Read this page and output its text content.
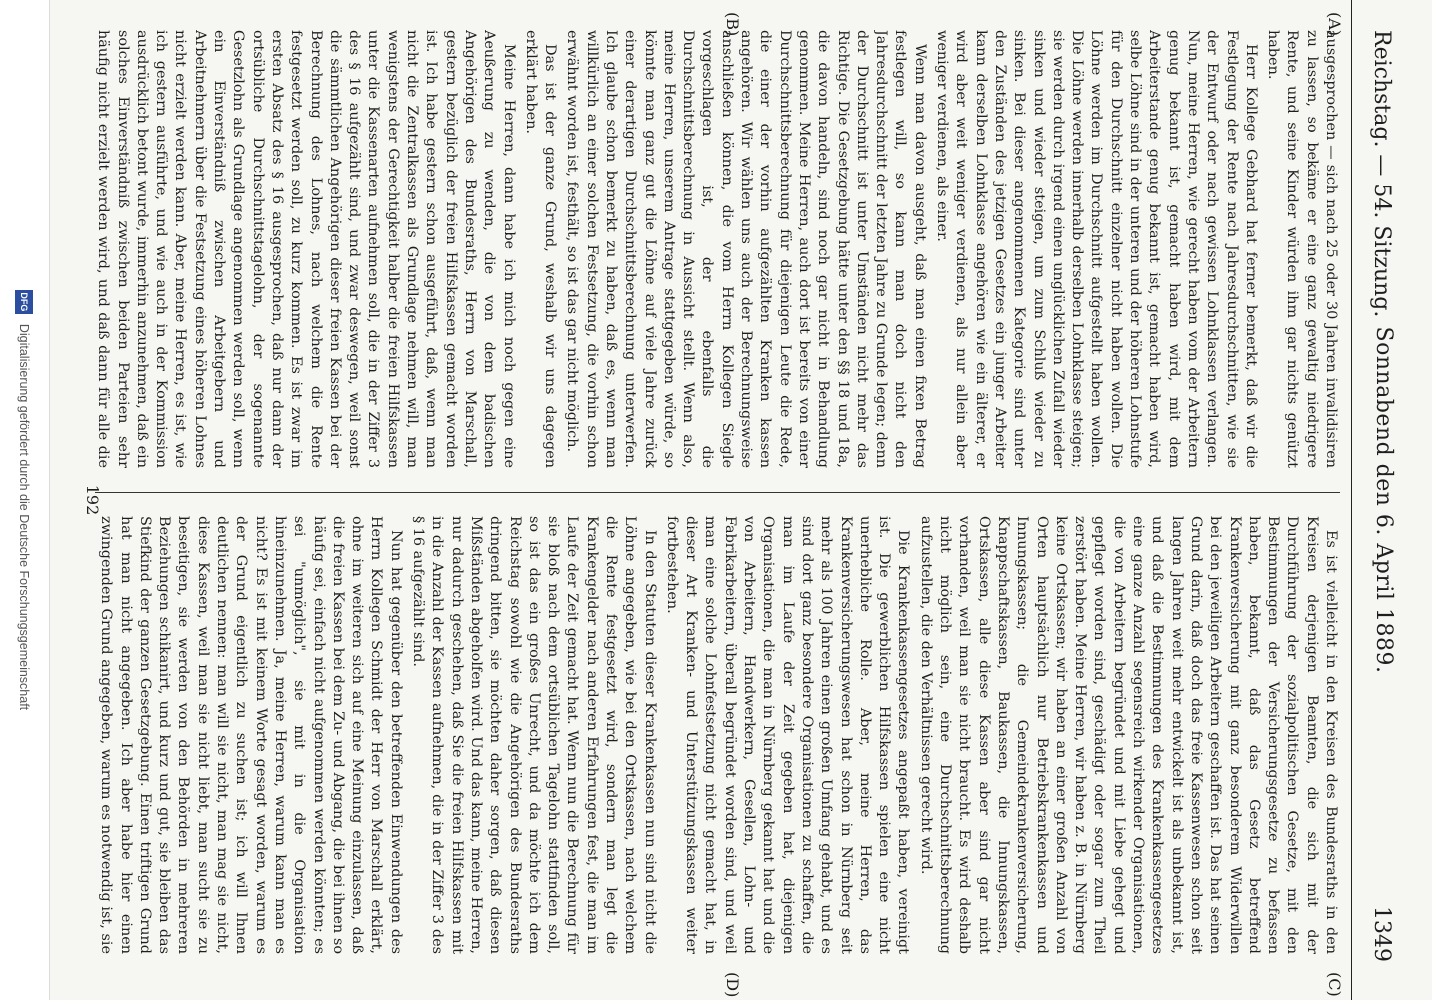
Reichstag. — 54. Sitzung.
Sonnabend den 6. April 1889.
1349
(A)
(B)
(C)
(D)

ausgesprochen — sich nach 25 oder 30 Jahren invalidisiren zu lassen, so bekäme er eine ganz gewaltig niedrigere Rente, und seine Kinder würden ihm gar nichts genützt haben.

Herr Kollege Gebhard hat ferner bemerkt, daß wir die Festlegung der Rente nach Jahresdurchschnitten, wie sie der Entwurf oder nach gewissen Lohnklassen verlangen. Nun, meine Herren, wie gerecht haben vom der Arbeitern genug bekannt ist, gemacht haben wird, mit dem Arbeiterstande genug bekannt ist, gemacht haben wird, selbe Löhne sind in der unteren und der höheren Lohnstufe für den Durchschnitt einzelner nicht haben wollen. Die Löhne werden im Durchschnitt aufgestellt haben wollen. Die Löhne werden innerhalb derselben Lohnklasse steigen; sie werden durch irgend einen unglücklichen Zufall wieder sinken und wieder steigen, um zum Schluß wieder zu sinken. Bei dieser angenommenen Kategorie sind unter den Zuständen des jetzigen Gesetzes ein junger Arbeiter kann derselben Lohnklasse angehören wie ein älterer, er wird aber weit weniger verdienen, als nur allein aber weniger verdienen, als einer.

Wenn man davon ausgeht, daß man einen fixen Betrag festlegen will, so kann man doch nicht den Jahresdurchschnitt der letzten Jahre zu Grunde legen; denn der Durchschnitt ist unter Umständen nicht mehr das Richtige. Die Gesetzgebung hätte unter den §§ 18 und 18a, die davon handeln, sind noch gar nicht in Behandlung genommen. Meine Herren, auch dort ist bereits von einer Durchschnittsberechnung für diejenigen Leute die Rede, die einer der vorhin aufgezählten Kranken kassen angehören. Wir wählen uns auch der Berechnungsweise anschließen können, die vom Herrn Kollegen Siegle vorgeschlagen ist, der ebenfalls die Durchschnittsberechnung in Aussicht stellt. Wenn also, meine Herren, unserem Antrage stattgegeben würde, so könnte man ganz gut die Löhne auf viele Jahre zurück einer derartigen Durchschnittsberechnung unterwerfen. Ich glaube schon bemerkt zu haben, daß es, wenn man willkürlich an einer solchen Festsetzung, die vorhin schon erwähnt worden ist, festhält, so ist das gar nicht möglich.

Das ist der ganze Grund, weshalb wir uns dagegen erklärt haben.

Meine Herren, dann habe ich mich noch gegen eine Aeußerung zu wenden, die von dem badischen Angehörigen des Bundesraths, Herrn von Marschall, gestern bezüglich der freien Hilfskassen gemacht worden ist. Ich habe gestern schon ausgeführt, daß, wenn man nicht die Zentralkassen als Grundlage nehmen will, man wenigstens der Gerechtigkeit halber die freien Hilfskassen unter die Kassenarten aufnehmen soll, die in der Ziffer 3 des § 16 aufgezählt sind, und zwar deswegen, weil sonst die sämmtlichen Angehörigen dieser freien Kassen bei der Berechnung des Lohnes, nach welchem die Rente festgesetzt werden soll, zu kurz kommen. Es ist zwar im ersten Absatz des § 16 ausgesprochen, daß nur dann der ortsübliche Durchschnittstagelohn, der sogenannte Gesetzlohn als Grundlage angenommen werden soll, wenn ein Einverständniß zwischen Arbeitgebern und Arbeitnehmern über die Festsetzung eines höheren Lohnes nicht erzielt werden kann. Aber, meine Herren, es ist, wie ich gestern ausführte, und wie auch in der Kommission ausdrücklich betont wurde, immerhin anzunehmen, daß ein solches Einverständniß zwischen beiden Parteien sehr häufig nicht erzielt werden wird, und daß dann für alle die

Es ist vielleicht in den Kreisen des Bundesraths in den Kreisen derjenigen Beamten, die sich mit der Durchführung der sozialpolitischen Gesetze, mit den Bestimmungen der Versicherungsgesetze zu befassen haben, bekannt, daß das Gesetz betreffend Krankenversicherung mit ganz besonderem Widerwillen bei den jeweiligen Arbeitern geschaffen ist. Das hat seinen Grund darin, daß doch das freie Kassenwesen schon seit langen Jahren weit mehr entwickelt ist als unbekannt ist, und daß die Bestimmungen des Krankenkassengesetzes eine ganze Anzahl segensreich wirkender Organisationen, die von Arbeitern begründet und mit Liebe gehegt und gepflegt worden sind, geschädigt oder sogar zum Theil zerstört haben. Meine Herren, wir haben z. B. in Nürnberg keine Ortskassen; wir haben an einer großen Anzahl von Orten hauptsächlich nur Betriebskrankenkassen und Innungskassen; die Gemeindekrankenversicherung, Knappschaftskassen, Baukassen, die Innungskassen, Ortskassen, alle diese Kassen aber sind gar nicht vorhanden, weil man sie nicht braucht. Es wird deshalb nicht möglich sein, eine Durchschnittsberechnung aufzustellen, die den Verhältnissen gerecht wird.

Die Krankenkassengesetzes angepaßt haben, vereinigt ist. Die gewerblichen Hilfskassen spielen eine nicht unerhebliche Rolle. Aber, meine Herren, das Krankenversicherungswesen hat schon in Nürnberg seit mehr als 100 Jahren einen großen Umfang gehabt, und es sind dort ganz besondere Organisationen zu schaffen, die man im Laufe der Zeit gegeben hat, diejenigen Organisationen, die man in Nürnberg gekannt hat und die von Arbeitern, Handwerkern, Gesellen, Lohn- und Fabrikarbeitern, überall begründet worden sind, und weil man eine solche Lohnfestsetzung nicht gemacht hat, in dieser Art Kranken- und Unterstützungskassen weiter fortbestehen.

In den Statuten dieser Krankenkassen nun sind nicht die Löhne angegeben, wie bei den Ortskassen, nach welchem die Rente festgesetzt wird, sondern man legt die Krankengelder nach anderen Erfahrungen fest, die man im Laufe der Zeit gemacht hat. Wenn nun die Berechnung für sie bloß nach dem ortsüblichen Tagelohn stattfinden soll, so ist das ein großes Unrecht, und da möchte ich dem Reichstag sowohl wie die Angehörigen des Bundesraths dringend bitten, sie möchten daher sorgen, daß diesen Mißständen abgeholfen wird. Und das kann, meine Herren, nur dadurch geschehen, daß Sie die freien Hilfskassen mit in die Anzahl der Kassen aufnehmen, die in der Ziffer 3 des § 16 aufgezählt sind.

Nun hat gegenüber den betreffenden Einwendungen des Herrn Kollegen Schmidt der Herr von Marschall erklärt, ohne im weiteren sich auf eine Meinung einzulassen, daß die freien Kassen bei dem Zu- und Abgang, die bei ihnen so häufig sei, einfach nicht aufgenommen werden könnten; es sei "unmöglich", sie mit in die Organisation hineinzunehmen. Ja, meine Herren, warum kann man es nicht? Es ist mit keinem Worte gesagt worden, warum es der Grund eigentlich zu suchen ist; ich will Ihnen deutlichen nennen: man will sie nicht, man mag sie nicht, diese Kassen, weil man sie nicht liebt, man sucht sie zu beseitigen, sie werden von den Behörden in mehreren Beziehungen schikanirt, und kurz und gut, sie bleiben das Stiefkind der ganzen Gesetzgebung. Einen triftigen Grund hat man nicht angegeben. Ich aber habe hier einen zwingenden Grund angegeben, warum es notwendig ist, sie

192
DFG
Digitalisierung gefördert durch die Deutsche Forschungsgemeinschaft
